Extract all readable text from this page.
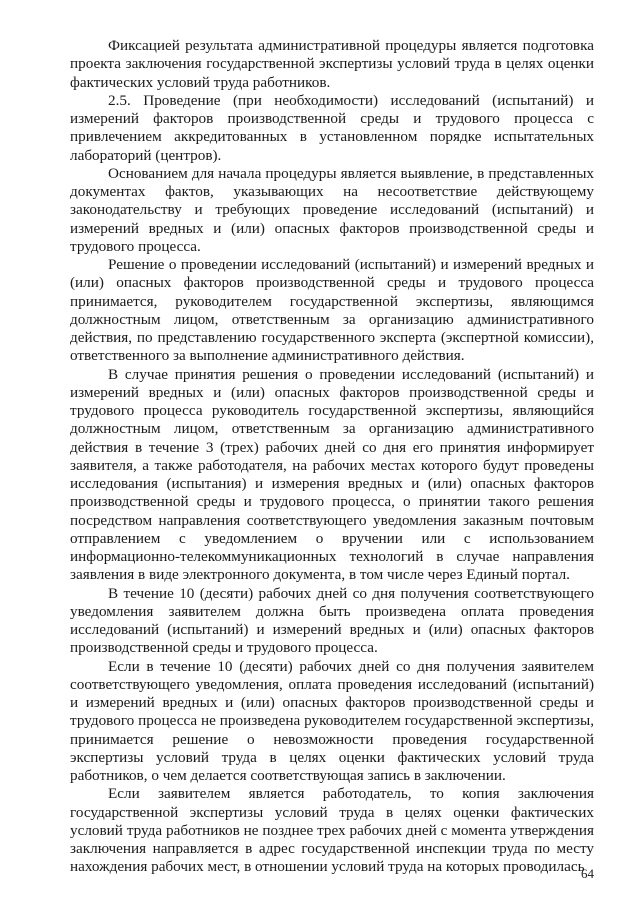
Фиксацией результата административной процедуры является подготовка проекта заключения государственной экспертизы условий труда в целях оценки фактических условий труда работников.

2.5. Проведение (при необходимости) исследований (испытаний) и измерений факторов производственной среды и трудового процесса с привлечением аккредитованных в установленном порядке испытательных лабораторий (центров).

Основанием для начала процедуры является выявление, в представленных документах фактов, указывающих на несоответствие действующему законодательству и требующих проведение исследований (испытаний) и измерений вредных и (или) опасных факторов производственной среды и трудового процесса.

Решение о проведении исследований (испытаний) и измерений вредных и (или) опасных факторов производственной среды и трудового процесса принимается, руководителем государственной экспертизы, являющимся должностным лицом, ответственным за организацию административного действия, по представлению государственного эксперта (экспертной комиссии), ответственного за выполнение административного действия.

В случае принятия решения о проведении исследований (испытаний) и измерений вредных и (или) опасных факторов производственной среды и трудового процесса руководитель государственной экспертизы, являющийся должностным лицом, ответственным за организацию административного действия в течение 3 (трех) рабочих дней со дня его принятия информирует заявителя, а также работодателя, на рабочих местах которого будут проведены исследования (испытания) и измерения вредных и (или) опасных факторов производственной среды и трудового процесса, о принятии такого решения посредством направления соответствующего уведомления заказным почтовым отправлением с уведомлением о вручении или с использованием информационно-телекоммуникационных технологий в случае направления заявления в виде электронного документа, в том числе через Единый портал.

В течение 10 (десяти) рабочих дней со дня получения соответствующего уведомления заявителем должна быть произведена оплата проведения исследований (испытаний) и измерений вредных и (или) опасных факторов производственной среды и трудового процесса.

Если в течение 10 (десяти) рабочих дней со дня получения заявителем соответствующего уведомления, оплата проведения исследований (испытаний) и измерений вредных и (или) опасных факторов производственной среды и трудового процесса не произведена руководителем государственной экспертизы, принимается решение о невозможности проведения государственной экспертизы условий труда в целях оценки фактических условий труда работников, о чем делается соответствующая запись в заключении.

Если заявителем является работодатель, то копия заключения государственной экспертизы условий труда в целях оценки фактических условий труда работников не позднее трех рабочих дней с момента утверждения заключения направляется в адрес государственной инспекции труда по месту нахождения рабочих мест, в отношении условий труда на которых проводилась

64
